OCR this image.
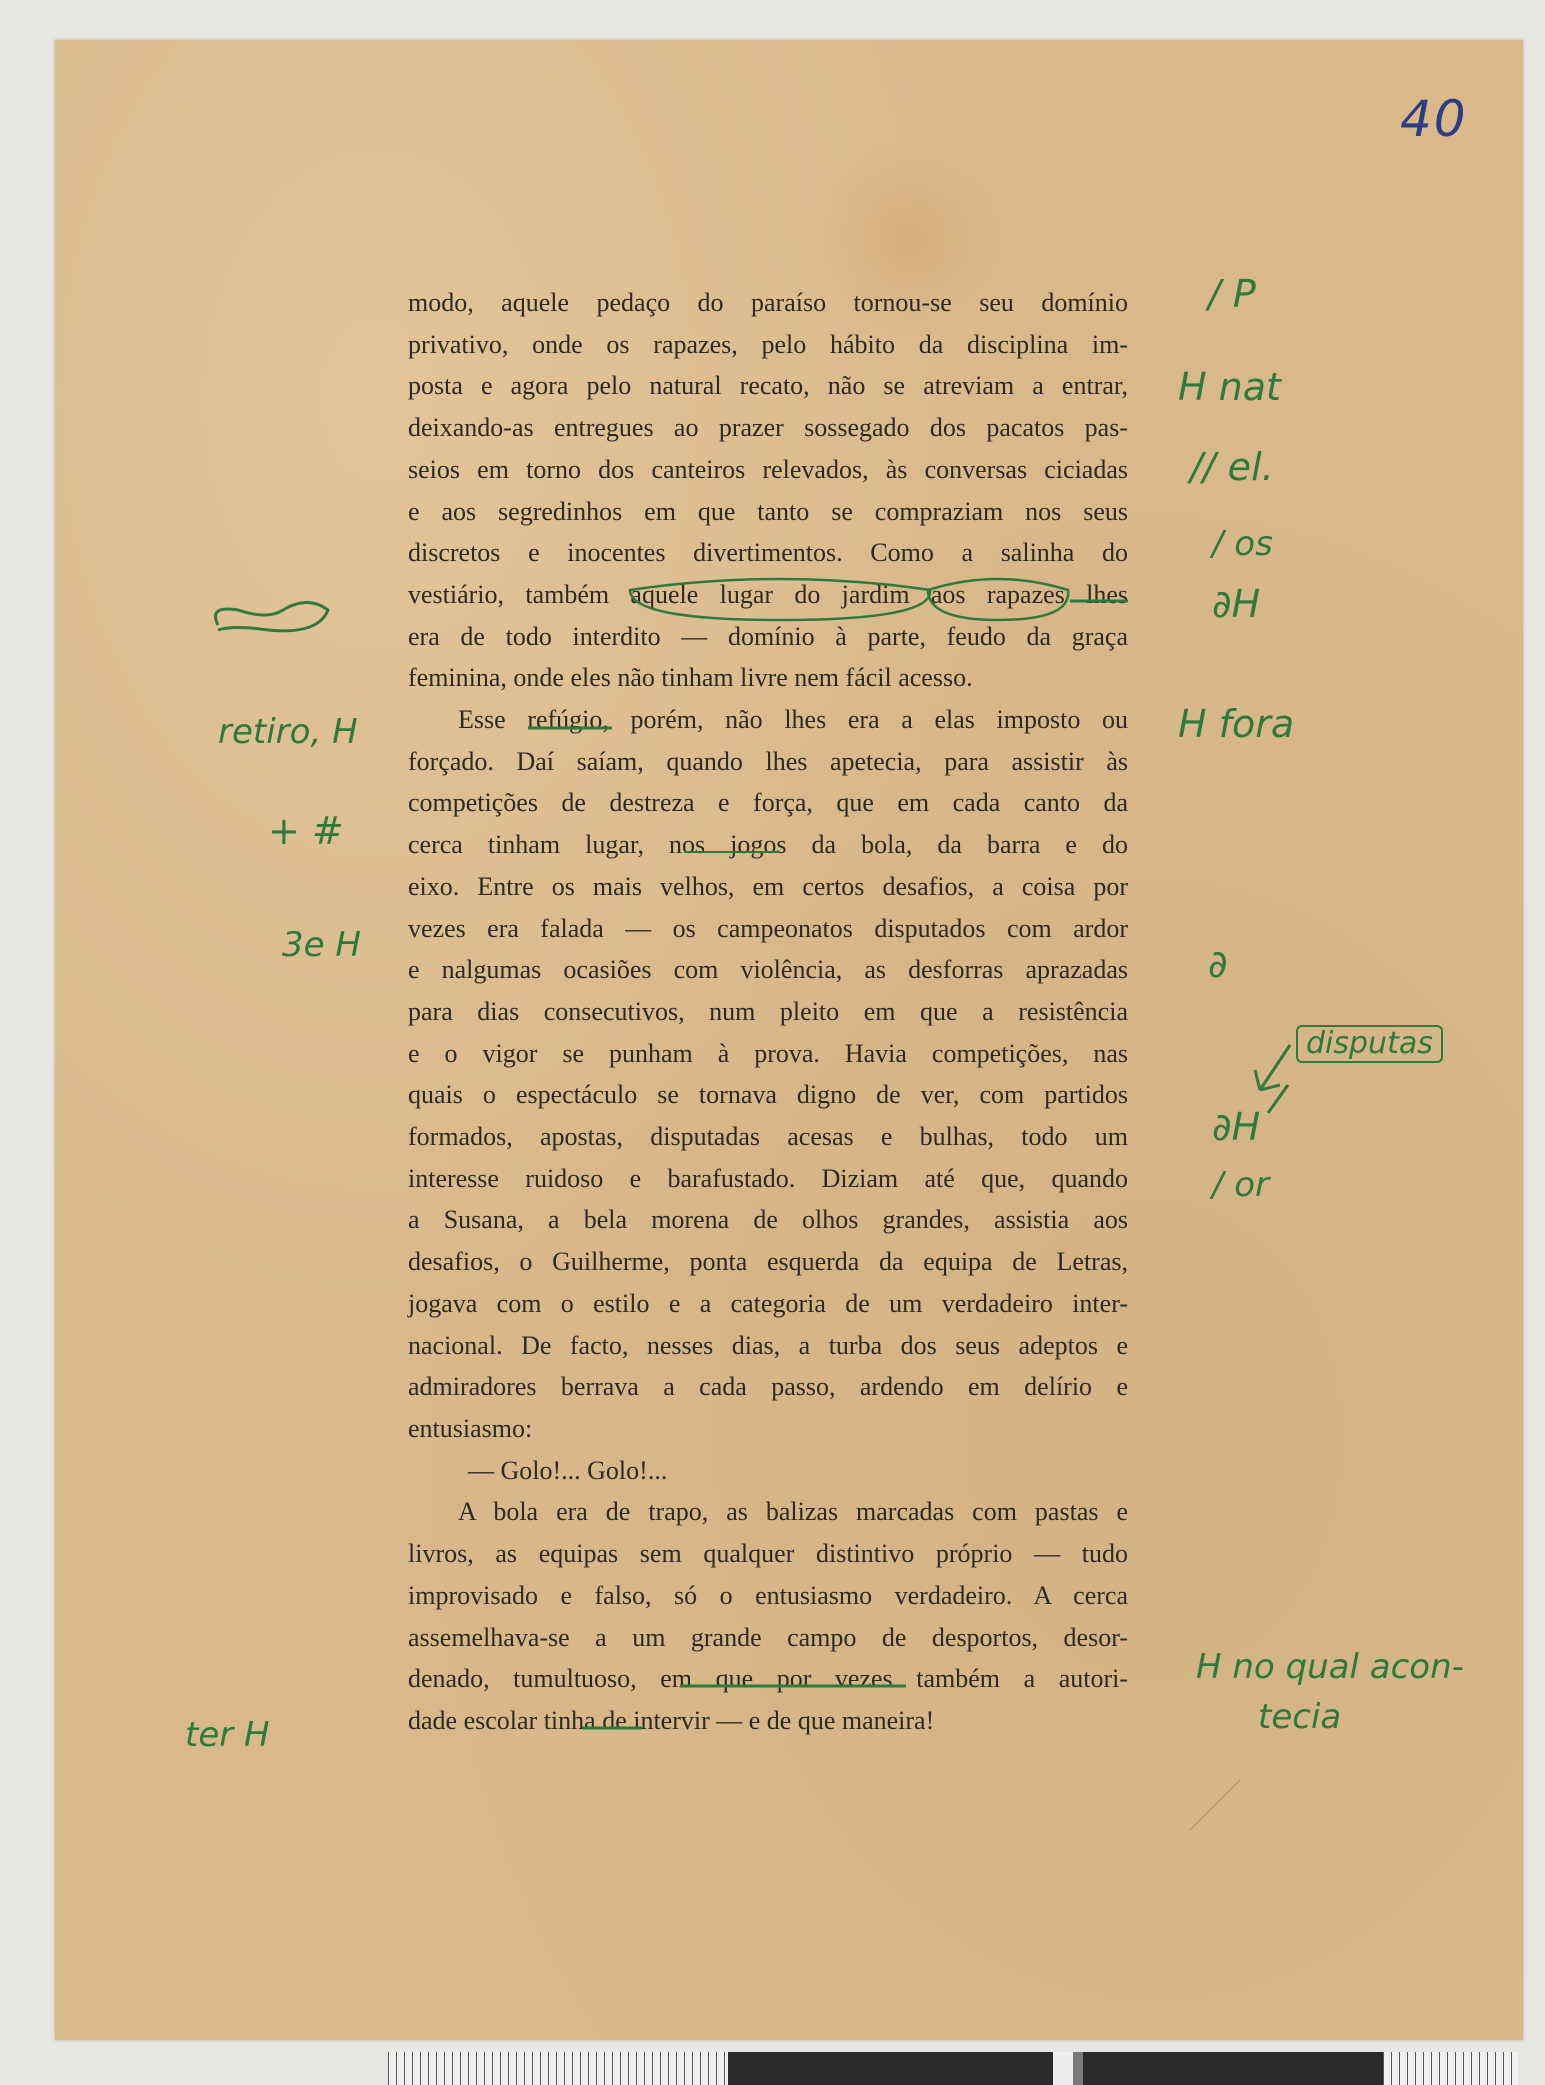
40
modo, aquele pedaço do paraíso tornou-se seu domínio
privativo, onde os rapazes, pelo hábito da disciplina im-
posta e agora pelo natural recato, não se atreviam a entrar,
deixando-as entregues ao prazer sossegado dos pacatos pas-
seios em torno dos canteiros relevados, às conversas ciciadas
e aos segredinhos em que tanto se compraziam nos seus
discretos e inocentes divertimentos. Como a salinha do
vestiário, também aquele lugar do jardim aos rapazes lhes
era de todo interdito — domínio à parte, feudo da graça
feminina, onde eles não tinham livre nem fácil acesso.
Esse refúgio, porém, não lhes era a elas imposto ou
forçado. Daí saíam, quando lhes apetecia, para assistir às
competições de destreza e força, que em cada canto da
cerca tinham lugar, nos jogos da bola, da barra e do
eixo. Entre os mais velhos, em certos desafios, a coisa por
vezes era falada — os campeonatos disputados com ardor
e nalgumas ocasiões com violência, as desforras aprazadas
para dias consecutivos, num pleito em que a resistência
e o vigor se punham à prova. Havia competições, nas
quais o espectáculo se tornava digno de ver, com partidos
formados, apostas, disputadas acesas e bulhas, todo um
interesse ruidoso e barafustado. Diziam até que, quando
a Susana, a bela morena de olhos grandes, assistia aos
desafios, o Guilherme, ponta esquerda da equipa de Letras,
jogava com o estilo e a categoria de um verdadeiro inter-
nacional. De facto, nesses dias, a turba dos seus adeptos e
admiradores berrava a cada passo, ardendo em delírio e
entusiasmo:
— Golo!... Golo!...
A bola era de trapo, as balizas marcadas com pastas e
livros, as equipas sem qualquer distintivo próprio — tudo
improvisado e falso, só o entusiasmo verdadeiro. A cerca
assemelhava-se a um grande campo de desportos, desor-
denado, tumultuoso, em que por vezes também a autori-
dade escolar tinha de intervir — e de que maneira!
/ P
H nat
// el.
/ os
∂H
H fora
∂
disputas
∂H
/ or
H no qual acon-
tecia
retiro, H
+ #
3e H
ter H
